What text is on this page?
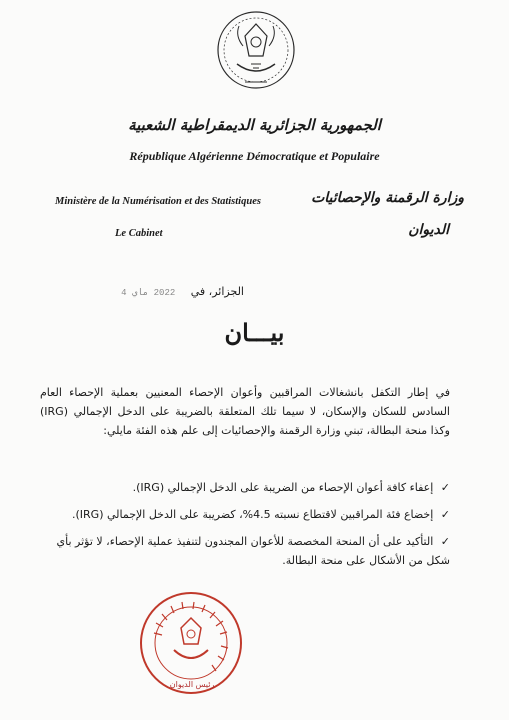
الجمهورية الجزائرية الديمقراطية الشعبية
République Algérienne Démocratique et Populaire
Ministère de la Numérisation et des Statistiques
Le Cabinet
وزارة الرقمنة والإحصائيات
الديوان
الجزائر، في 2022 ماي 4
بيـــان
في إطار التكفل بانشغالات المراقبين وأعوان الإحصاء المعنيين بعملية الإحصاء العام السادس للسكان والإسكان، لا سيما تلك المتعلقة بالضريبة على الدخل الإجمالي (IRG) وكذا منحة البطالة، تبني وزارة الرقمنة والإحصائيات إلى علم هذه الفئة مايلي:
✓ إعفاء كافة أعوان الإحصاء من الضريبة على الدخل الإجمالي (IRG).
✓ إخضاع فئة المراقبين لاقتطاع نسبته 4.5%، كضريبة على الدخل الإجمالي (IRG).
✓ التأكيد على أن المنحة المخصصة للأعوان المجندون لتنفيذ عملية الإحصاء، لا تؤثر بأي شكل من الأشكال على منحة البطالة.
رئيس الديوان
